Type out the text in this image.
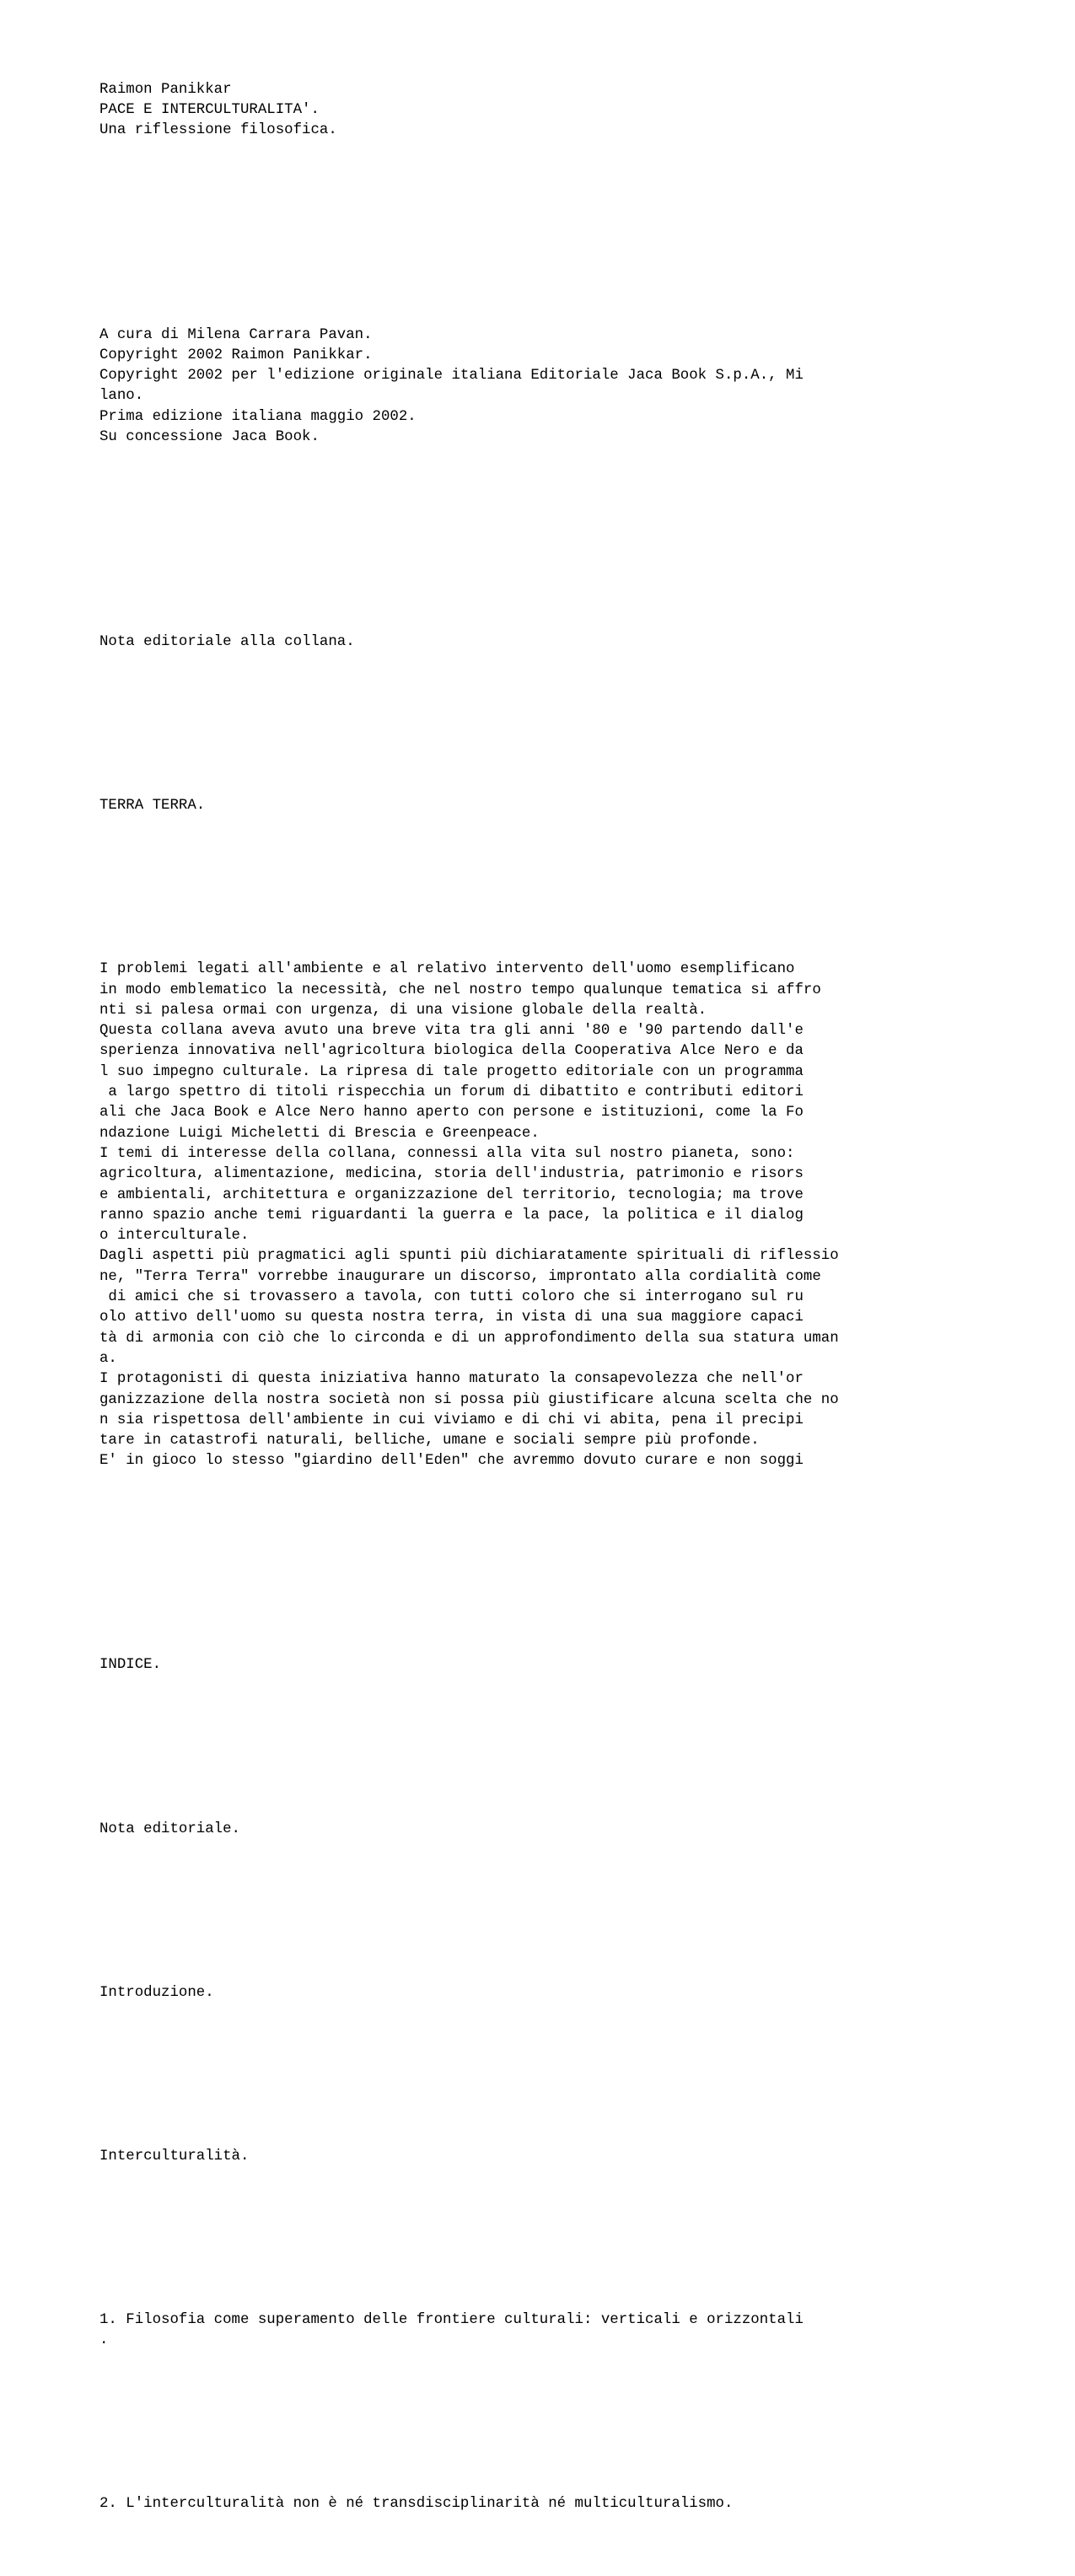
Raimon Panikkar
PACE E INTERCULTURALITA'.
Una riflessione filosofica.

A cura di Milena Carrara Pavan.
Copyright 2002 Raimon Panikkar.
Copyright 2002 per l'edizione originale italiana Editoriale Jaca Book S.p.A., Mi
lano.
Prima edizione italiana maggio 2002.
Su concessione Jaca Book.

Nota editoriale alla collana.

TERRA TERRA.

I problemi legati all'ambiente e al relativo intervento dell'uomo esemplificano
in modo emblematico la necessità, che nel nostro tempo qualunque tematica si affro
nti si palesa ormai con urgenza, di una visione globale della realtà.
Questa collana aveva avuto una breve vita tra gli anni '80 e '90 partendo dall'e
sperienza innovativa nell'agricoltura biologica della Cooperativa Alce Nero e da
l suo impegno culturale. La ripresa di tale progetto editoriale con un programma
a largo spettro di titoli rispecchia un forum di dibattito e contributi editori
ali che Jaca Book e Alce Nero hanno aperto con persone e istituzioni, come la Fo
ndazione Luigi Micheletti di Brescia e Greenpeace.
I temi di interesse della collana, connessi alla vita sul nostro pianeta, sono:
agricoltura, alimentazione, medicina, storia dell'industria, patrimonio e risors
e ambientali, architettura e organizzazione del territorio, tecnologia; ma trove
ranno spazio anche temi riguardanti la guerra e la pace, la politica e il dialog
o interculturale.
Dagli aspetti più pragmatici agli spunti più dichiaratamente spirituali di riflessio
ne, "Terra Terra" vorrebbe inaugurare un discorso, improntato alla cordialità come
di amici che si trovassero a tavola, con tutti coloro che si interrogano sul ru
olo attivo dell'uomo su questa nostra terra, in vista di una sua maggiore capaci
tà di armonia con ciò che lo circonda e di un approfondimento della sua statura uman
a.
I protagonisti di questa iniziativa hanno maturato la consapevolezza che nell'or
ganizzazione della nostra società non si possa più giustificare alcuna scelta che no
n sia rispettosa dell'ambiente in cui viviamo e di chi vi abita, pena il precipi
tare in catastrofi naturali, belliche, umane e sociali sempre più profonde.
E' in gioco lo stesso "giardino dell'Eden" che avremmo dovuto curare e non soggi

INDICE.

Nota editoriale.

Introduzione.

Interculturalità.

1. Filosofia come superamento delle frontiere culturali: verticali e orizzontali
.

2. L'interculturalità non è né transdisciplinarità né multiculturalismo.
